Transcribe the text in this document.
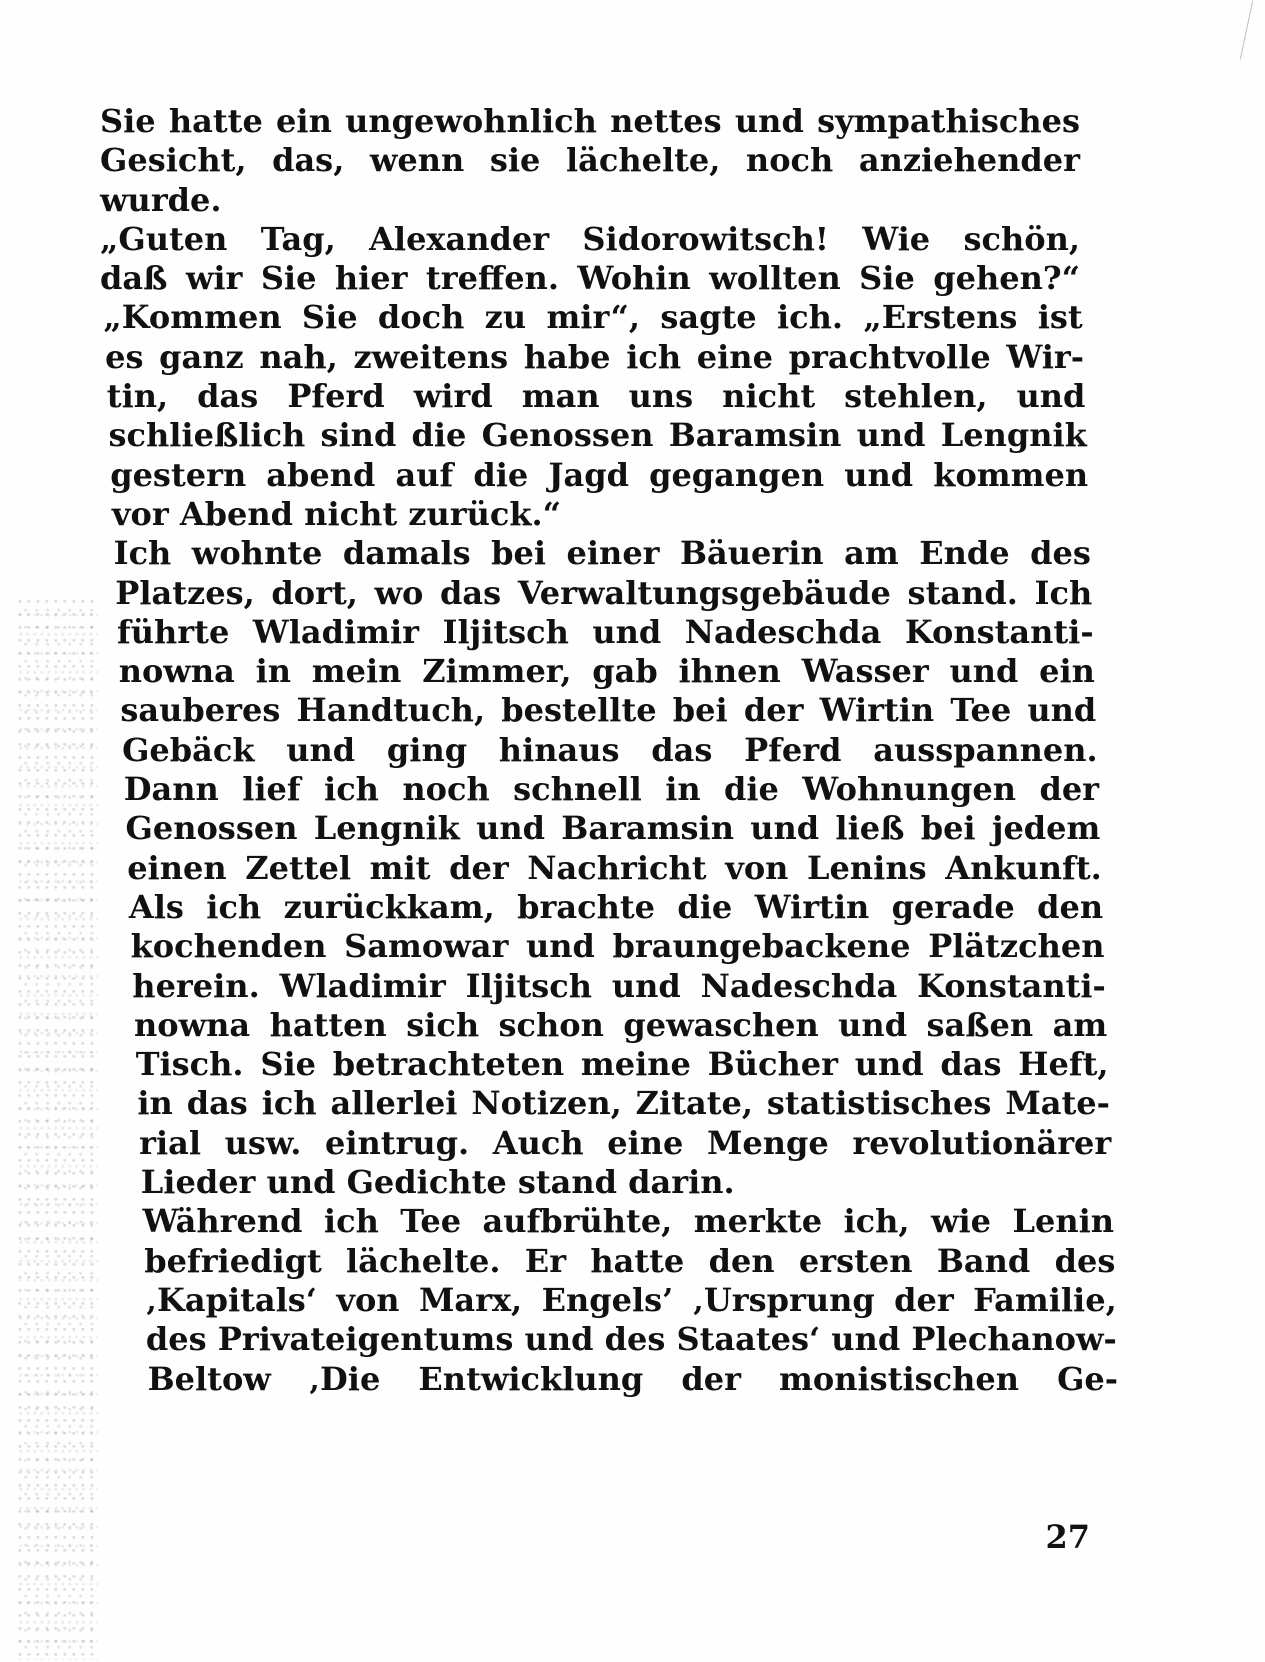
Sie hatte ein ungewohnlich nettes und sympathisches
Gesicht, das, wenn sie lächelte, noch anziehender
wurde.
„Guten Tag, Alexander Sidorowitsch! Wie schön,
daß wir Sie hier treffen. Wohin wollten Sie gehen?“
„Kommen Sie doch zu mir“, sagte ich. „Erstens ist
es ganz nah, zweitens habe ich eine prachtvolle Wir-
tin, das Pferd wird man uns nicht stehlen, und
schließlich sind die Genossen Baramsin und Lengnik
gestern abend auf die Jagd gegangen und kommen
vor Abend nicht zurück.“
Ich wohnte damals bei einer Bäuerin am Ende des
Platzes, dort, wo das Verwaltungsgebäude stand. Ich
führte Wladimir Iljitsch und Nadeschda Konstanti-
nowna in mein Zimmer, gab ihnen Wasser und ein
sauberes Handtuch, bestellte bei der Wirtin Tee und
Gebäck und ging hinaus das Pferd ausspannen.
Dann lief ich noch schnell in die Wohnungen der
Genossen Lengnik und Baramsin und ließ bei jedem
einen Zettel mit der Nachricht von Lenins Ankunft.
Als ich zurückkam, brachte die Wirtin gerade den
kochenden Samowar und braungebackene Plätzchen
herein. Wladimir Iljitsch und Nadeschda Konstanti-
nowna hatten sich schon gewaschen und saßen am
Tisch. Sie betrachteten meine Bücher und das Heft,
in das ich allerlei Notizen, Zitate, statistisches Mate-
rial usw. eintrug. Auch eine Menge revolutionärer
Lieder und Gedichte stand darin.
Während ich Tee aufbrühte, merkte ich, wie Lenin
befriedigt lächelte. Er hatte den ersten Band des
‚Kapitals‘ von Marx, Engels’ ‚Ursprung der Familie,
des Privateigentums und des Staates‘ und Plechanow-
Beltow ‚Die Entwicklung der monistischen Ge-
27
